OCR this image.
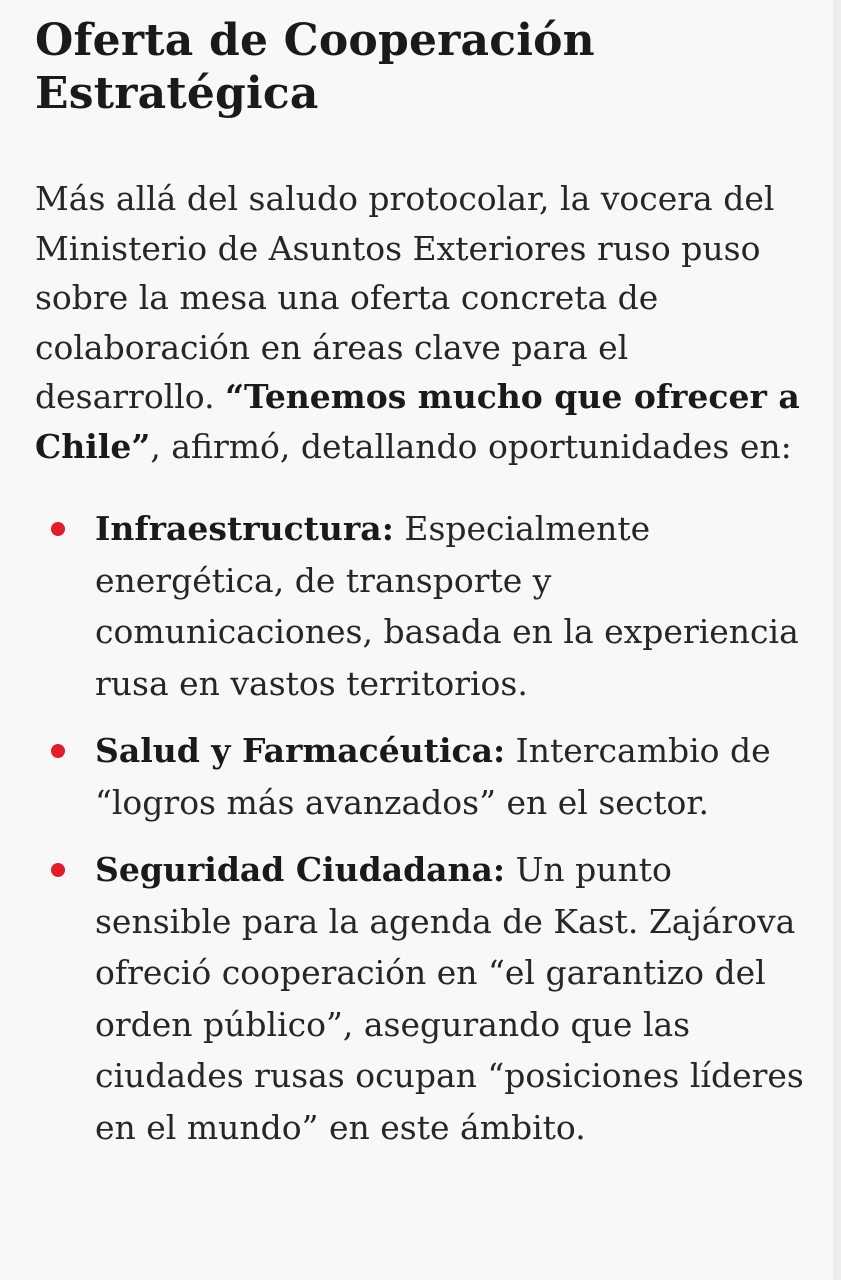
Oferta de Cooperación Estratégica

Más allá del saludo protocolar, la vocera del Ministerio de Asuntos Exteriores ruso puso sobre la mesa una oferta concreta de colaboración en áreas clave para el desarrollo. “Tenemos mucho que ofrecer a Chile”, afirmó, detallando oportunidades en:

Infraestructura: Especialmente energética, de transporte y comunicaciones, basada en la experiencia rusa en vastos territorios.
Salud y Farmacéutica: Intercambio de “logros más avanzados” en el sector.
Seguridad Ciudadana: Un punto sensible para la agenda de Kast. Zajárova ofreció cooperación en “el garantizo del orden público”, asegurando que las ciudades rusas ocupan “posiciones líderes en el mundo” en este ámbito.
